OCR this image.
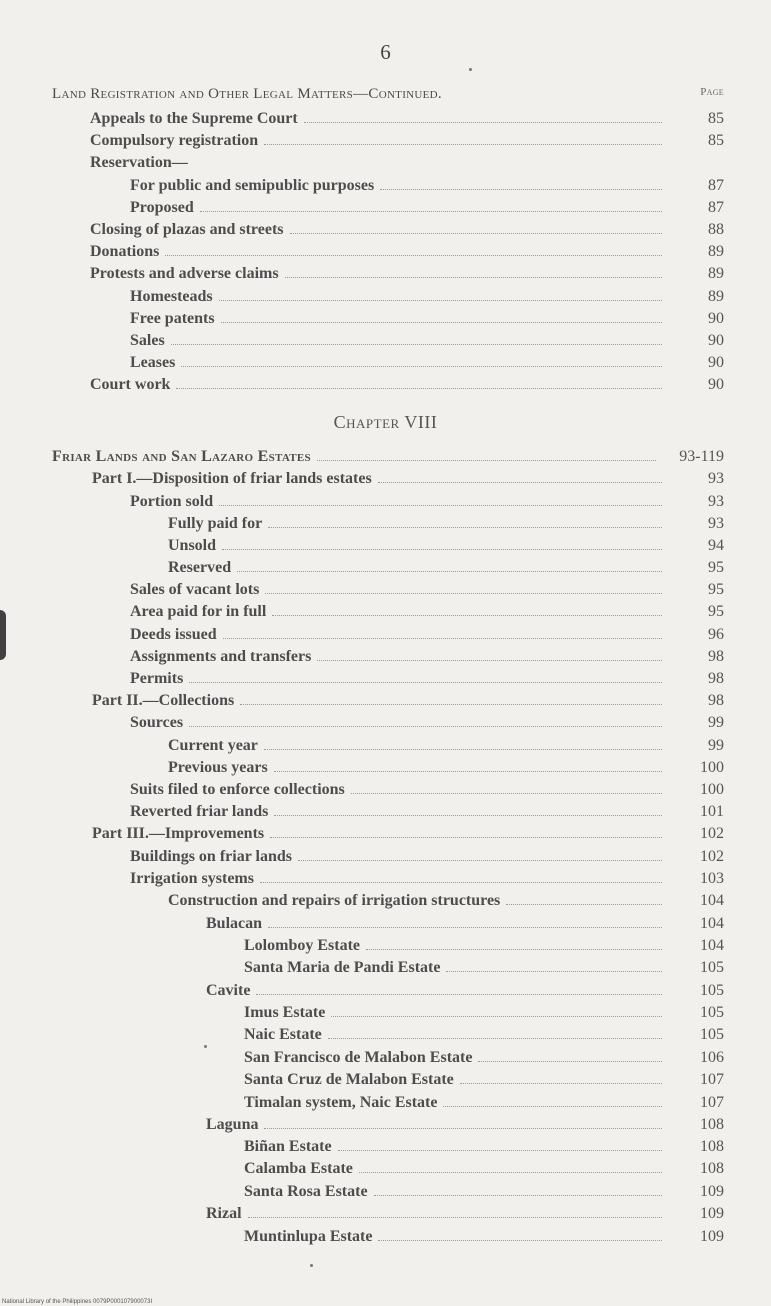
6
Land Registration and Other Legal Matters—Continued.	Page
Chapter VIII
Appeals to the Supreme Court	85
Compulsory registration	85
Reservation—
For public and semipublic purposes	87
Proposed	87
Closing of plazas and streets	88
Donations	89
Protests and adverse claims	89
Homesteads	89
Free patents	90
Sales	90
Leases	90
Court work	90
Friar Lands and San Lazaro Estates	93-119
Part I.—Disposition of friar lands estates	93
Portion sold	93
Fully paid for	93
Unsold	94
Reserved	95
Sales of vacant lots	95
Area paid for in full	95
Deeds issued	96
Assignments and transfers	98
Permits	98
Part II.—Collections	98
Sources	99
Current year	99
Previous years	100
Suits filed to enforce collections	100
Reverted friar lands	101
Part III.—Improvements	102
Buildings on friar lands	102
Irrigation systems	103
Construction and repairs of irrigation structures	104
Bulacan	104
Lolomboy Estate	104
Santa Maria de Pandi Estate	105
Cavite	105
Imus Estate	105
Naic Estate	105
San Francisco de Malabon Estate	106
Santa Cruz de Malabon Estate	107
Timalan system, Naic Estate	107
Laguna	108
Biñan Estate	108
Calamba Estate	108
Santa Rosa Estate	109
Rizal	109
Muntinlupa Estate	109
National Library of the Philippines 0079P000107900073I
